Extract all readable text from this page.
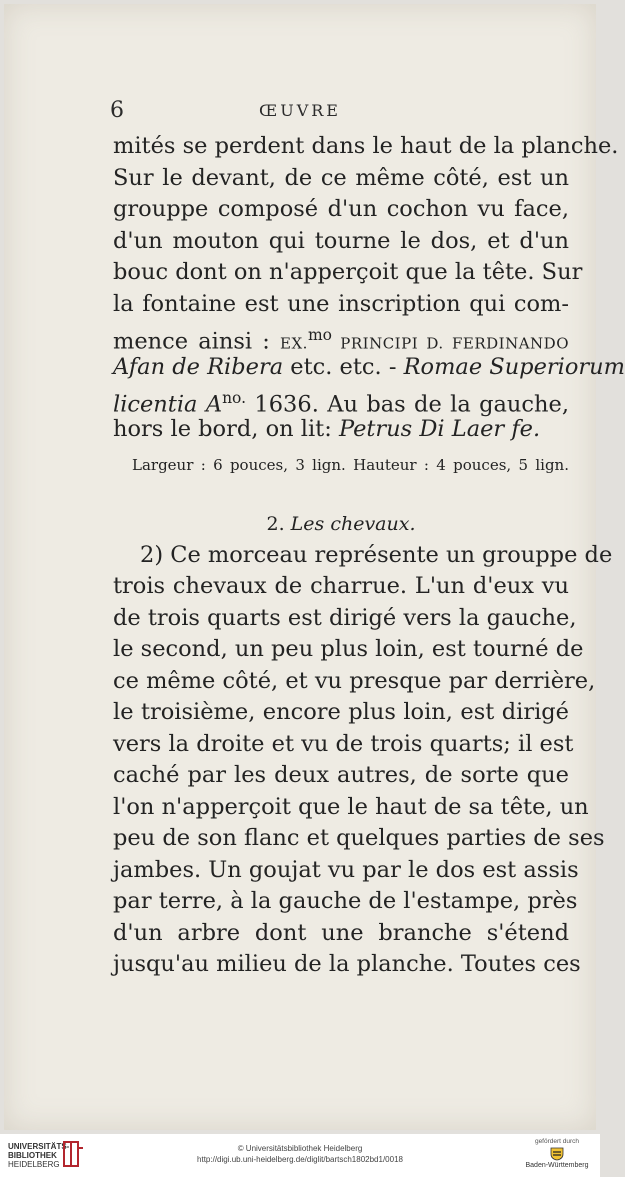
6	ŒUVRE
mités se perdent dans le haut de la planche.
Sur le devant, de ce même côté, est un
grouppe composé d'un cochon vu face,
d'un mouton qui tourne le dos, et d'un
bouc dont on n'apperçoit que la tête. Sur
la fontaine est une inscription qui com-
mence ainsi : EX.$^{mo}$ PRINCIPI D. FERDINANDO
Afan de Ribera etc. etc. - Romae Superiorum
licentia $A^{no.}$ 1636. Au bas de la gauche,
hors le bord, on lit: Petrus Di Laer fe.
Largeur : 6 pouces, 3 lign. Hauteur : 4 pouces, 5 lign.
2. Les chevaux.
2) Ce morceau représente un grouppe de
trois chevaux de charrue. L'un d'eux vu
de trois quarts est dirigé vers la gauche,
le second, un peu plus loin, est tourné de
ce même côté, et vu presque par derrière,
le troisième, encore plus loin, est dirigé
vers la droite et vu de trois quarts; il est
caché par les deux autres, de sorte que
l'on n'apperçoit que le haut de sa tête, un
peu de son flanc et quelques parties de ses
jambes. Un goujat vu par le dos est assis
par terre, à la gauche de l'estampe, près
d'un arbre dont une branche s'étend
jusqu'au milieu de la planche. Toutes ces
UNIVERSITÄTS-
BIBLIOTHEK
HEIDELBERG
© Universitätsbibliothek Heidelberg
http://digi.ub.uni-heidelberg.de/diglit/bartsch1802bd1/0018
gefördert durch
Baden-Württemberg
